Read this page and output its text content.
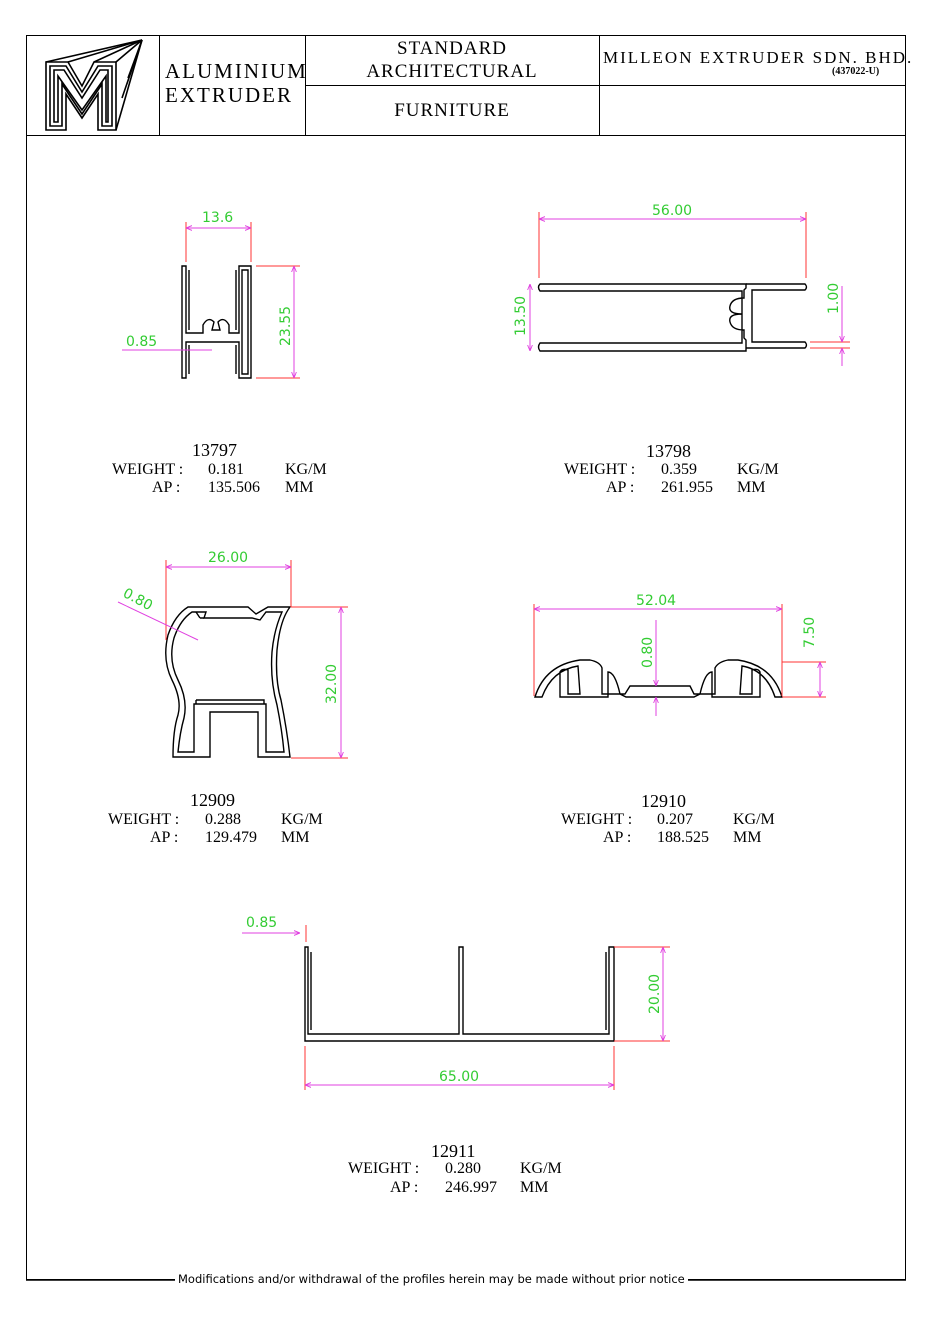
ALUMINIUM
EXTRUDER
STANDARD
ARCHITECTURAL
FURNITURE
MILLEON EXTRUDER SDN. BHD.
(437022-U)
13.6
23.55
0.85
56.00
13.50	1.00
26.00
32.00
0.80	52.04
7.50
0.80
0.85
20.00
65.00
13797
WEIGHT : 0.181	KG/M
AP : 135.506 MM
13798
WEIGHT : 0.359	KG/M
AP : 261.955 MM
12909
WEIGHT : 0.288	KG/M
AP : 129.479 MM
12910
WEIGHT : 0.207	KG/M
AP : 188.525 MM
12911
WEIGHT : 0.280 KG/M
AP : 246.997 MM
Modifications and/or withdrawal of the profiles herein may be made without prior notice
